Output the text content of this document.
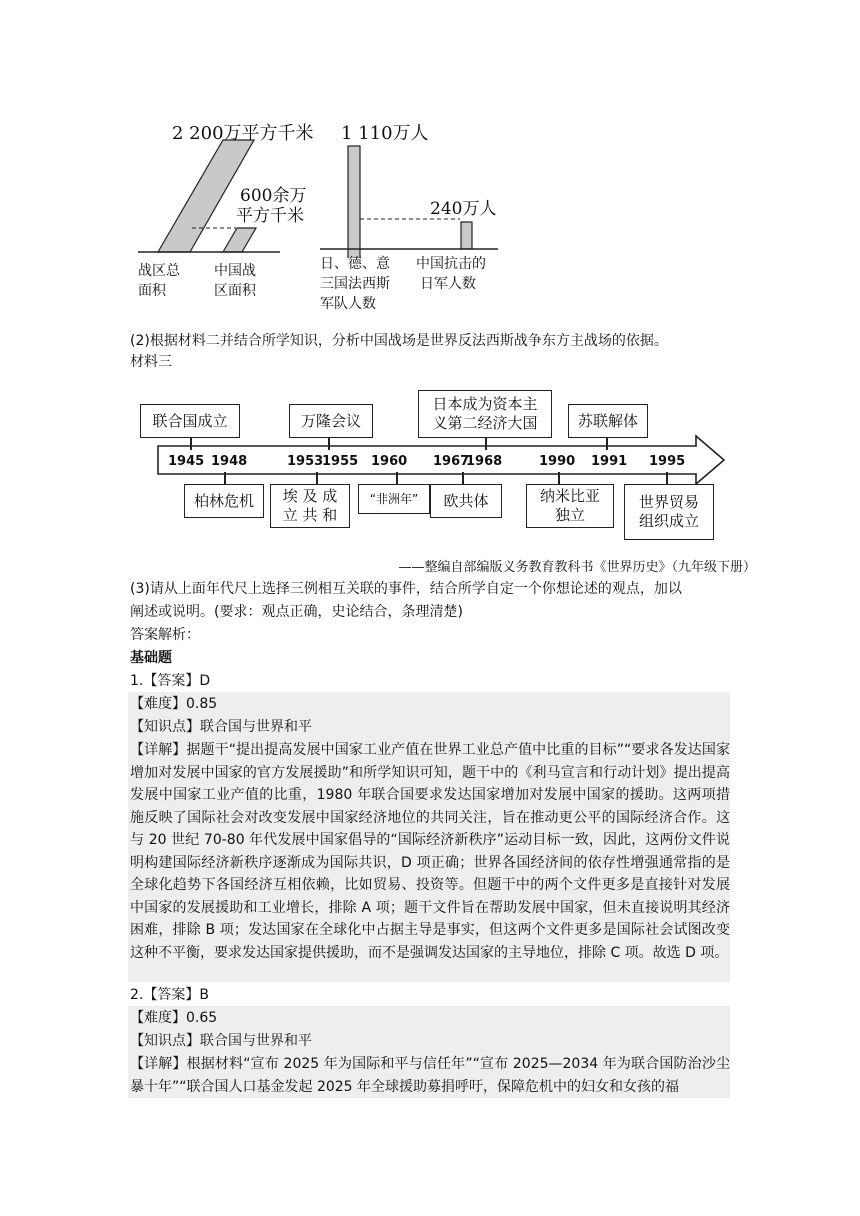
2 200万平方千米
600余万
平方千米
战区总
面积
中国战
区面积
1 110万人
240万人
日、德、意
三国法西斯
军队人数
中国抗击的
日军人数
(2)根据材料二并结合所学知识，分析中国战场是世界反法西斯战争东方主战场的依据。
材料三
联合国成立	万隆会议
日本成为资本主
义第二经济大国	苏联解体
1945 1948	1953
1955 1960 1967
1968	1990 1991 1995
柏林危机	埃 及 成
立 共 和
“非洲年”	欧共体	纳米比亚
独立
世界贸易
组织成立
——整编自部编版义务教育教科书《世界历史》（九年级下册）
(3)请从上面年代尺上选择三例相互关联的事件，结合所学自定一个你想论述的观点，加以
阐述或说明。(要求：观点正确，史论结合，条理清楚)
答案解析：
基础题
1.【答案】D
【难度】0.85
【知识点】联合国与世界和平
【详解】据题干“提出提高发展中国家工业产值在世界工业总产值中比重的目标”“要求各发达国家增加对发展中国家的官方发展援助”和所学知识可知，题干中的《利马宣言和行动计划》提出提高发展中国家工业产值的比重，1980 年联合国要求发达国家增加对发展中国家的援助。这两项措施反映了国际社会对改变发展中国家经济地位的共同关注，旨在推动更公平的国际经济合作。这与 20 世纪 70-80 年代发展中国家倡导的“国际经济新秩序”运动目标一致，因此，这两份文件说明构建国际经济新秩序逐渐成为国际共识，D 项正确；世界各国经济间的依存性增强通常指的是全球化趋势下各国经济互相依赖，比如贸易、投资等。但题干中的两个文件更多是直接针对发展中国家的发展援助和工业增长，排除 A 项；题干文件旨在帮助发展中国家，但未直接说明其经济困难，排除 B 项；发达国家在全球化中占据主导是事实，但这两个文件更多是国际社会试图改变这种不平衡，要求发达国家提供援助，而不是强调发达国家的主导地位，排除 C 项。故选 D 项。
2.【答案】B
【难度】0.65
【知识点】联合国与世界和平
【详解】根据材料“宣布 2025 年为国际和平与信任年”“宣布 2025—2034 年为联合国防治沙尘暴十年”“联合国人口基金发起 2025 年全球援助募捐呼吁，保障危机中的妇女和女孩的福
